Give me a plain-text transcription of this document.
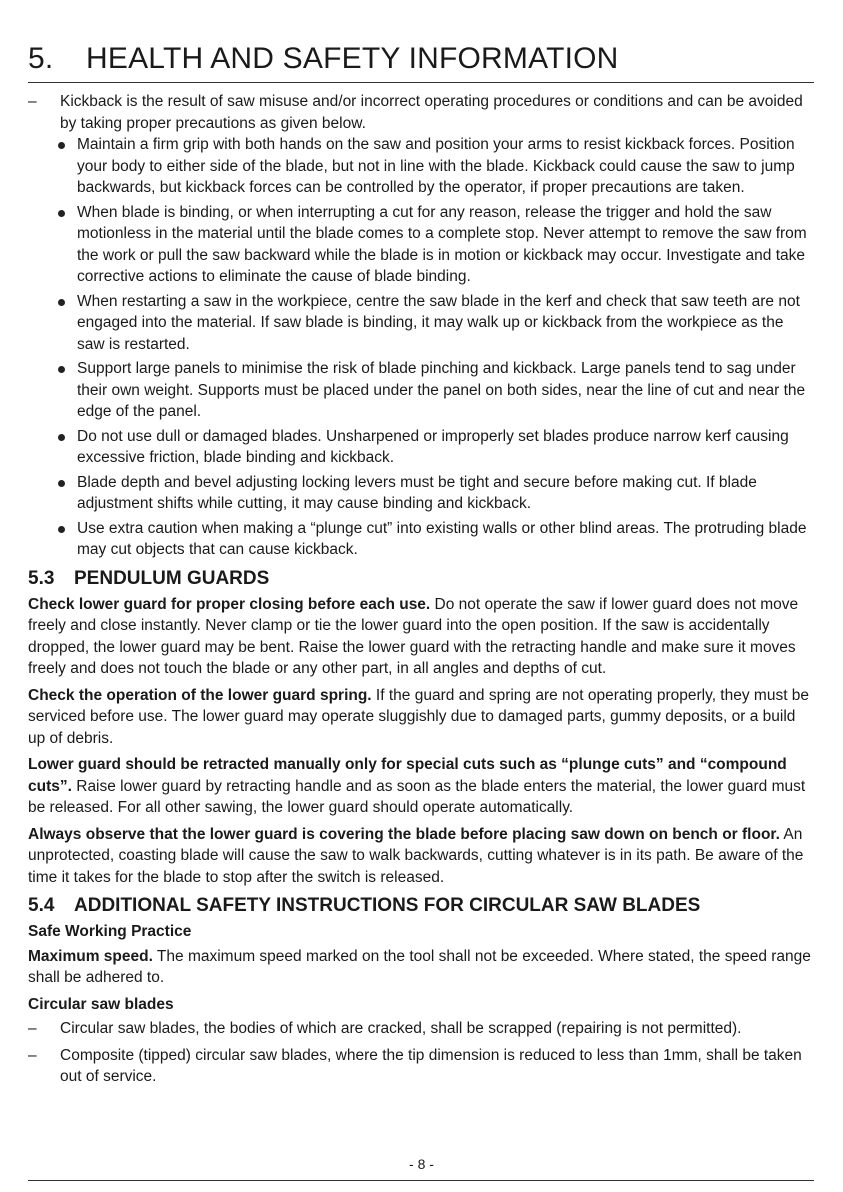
5. HEALTH AND SAFETY INFORMATION
– Kickback is the result of saw misuse and/or incorrect operating procedures or conditions and can be avoided by taking proper precautions as given below.
Maintain a firm grip with both hands on the saw and position your arms to resist kickback forces. Position your body to either side of the blade, but not in line with the blade. Kickback could cause the saw to jump backwards, but kickback forces can be controlled by the operator, if proper precautions are taken.
When blade is binding, or when interrupting a cut for any reason, release the trigger and hold the saw motionless in the material until the blade comes to a complete stop. Never attempt to remove the saw from the work or pull the saw backward while the blade is in motion or kickback may occur. Investigate and take corrective actions to eliminate the cause of blade binding.
When restarting a saw in the workpiece, centre the saw blade in the kerf and check that saw teeth are not engaged into the material. If saw blade is binding, it may walk up or kickback from the workpiece as the saw is restarted.
Support large panels to minimise the risk of blade pinching and kickback. Large panels tend to sag under their own weight. Supports must be placed under the panel on both sides, near the line of cut and near the edge of the panel.
Do not use dull or damaged blades. Unsharpened or improperly set blades produce narrow kerf causing excessive friction, blade binding and kickback.
Blade depth and bevel adjusting locking levers must be tight and secure before making cut. If blade adjustment shifts while cutting, it may cause binding and kickback.
Use extra caution when making a “plunge cut” into existing walls or other blind areas. The protruding blade may cut objects that can cause kickback.
5.3 PENDULUM GUARDS

Check lower guard for proper closing before each use. Do not operate the saw if lower guard does not move freely and close instantly. Never clamp or tie the lower guard into the open position. If the saw is accidentally dropped, the lower guard may be bent. Raise the lower guard with the retracting handle and make sure it moves freely and does not touch the blade or any other part, in all angles and depths of cut.

Check the operation of the lower guard spring. If the guard and spring are not operating properly, they must be serviced before use. The lower guard may operate sluggishly due to damaged parts, gummy deposits, or a build up of debris.

Lower guard should be retracted manually only for special cuts such as “plunge cuts” and “compound cuts”. Raise lower guard by retracting handle and as soon as the blade enters the material, the lower guard must be released. For all other sawing, the lower guard should operate automatically.

Always observe that the lower guard is covering the blade before placing saw down on bench or floor. An unprotected, coasting blade will cause the saw to walk backwards, cutting whatever is in its path. Be aware of the time it takes for the blade to stop after the switch is released.

5.4 ADDITIONAL SAFETY INSTRUCTIONS FOR CIRCULAR SAW BLADES
Safe Working Practice

Maximum speed. The maximum speed marked on the tool shall not be exceeded. Where stated, the speed range shall be adhered to.

Circular saw blades
– Circular saw blades, the bodies of which are cracked, shall be scrapped (repairing is not permitted).
– Composite (tipped) circular saw blades, where the tip dimension is reduced to less than 1mm, shall be taken out of service.
- 8 -
